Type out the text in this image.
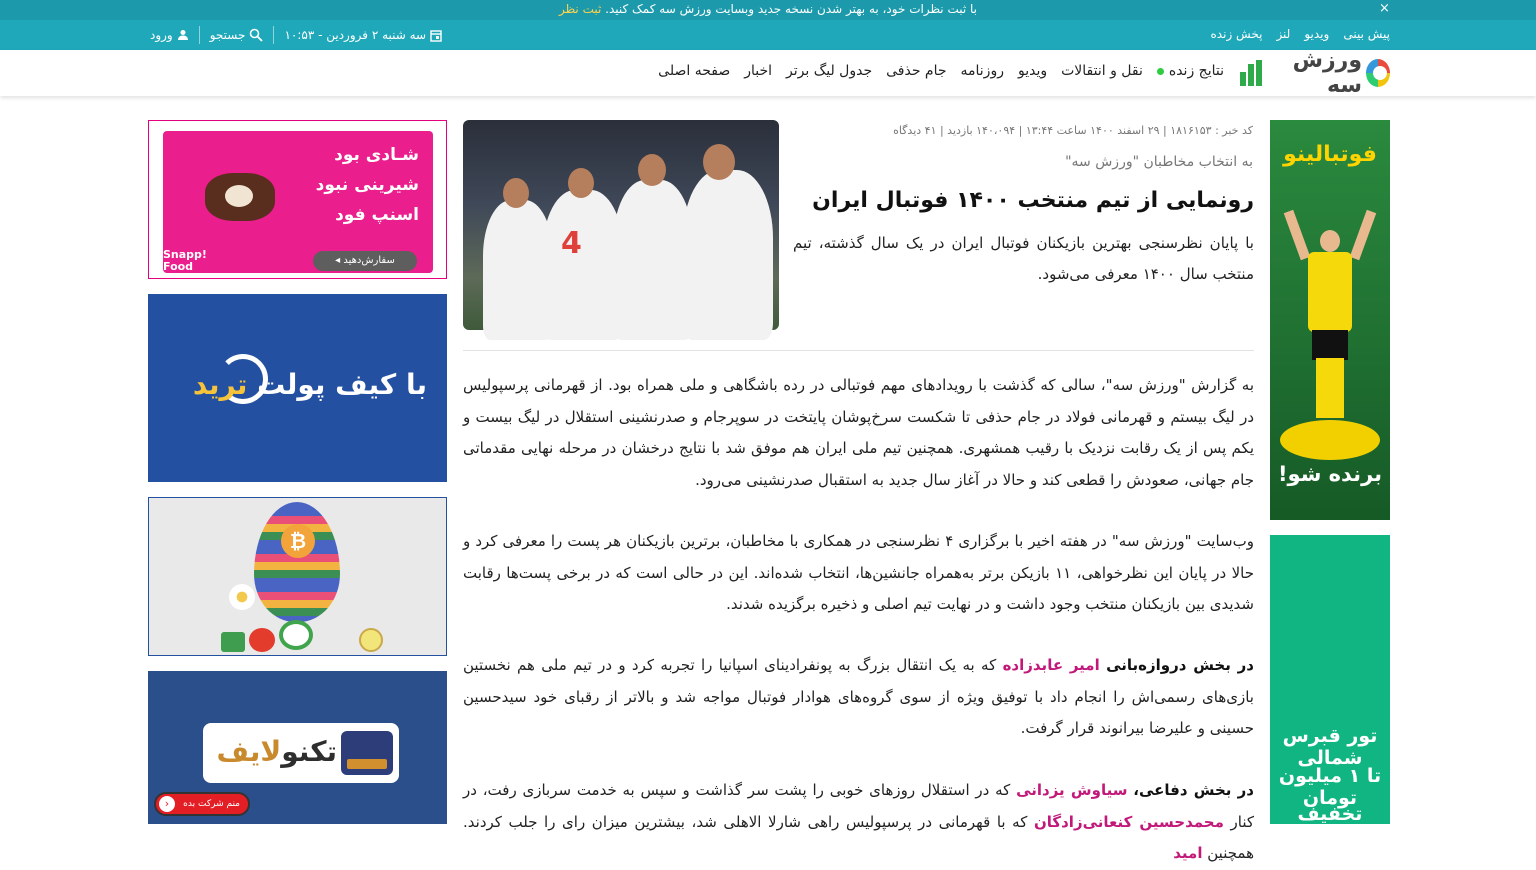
با ثبت نظرات خود، به بهتر شدن نسخه جدید وبسایت ورزش سه کمک کنید. ثبت نظر	×
پیش بینی
ویدیو
لنز
پخش زنده
ورود	جستجو	سه شنبه ۲ فروردین - ۱۰:۵۳
ورزش سه
صفحه اصلی اخبار جدول لیگ برتر جام حذفی روزنامه ویدیو نقل و انتقالات نتایج زنده
فوتبالینو
برنده شو!
تور قبرس شمالی
تا ۱ میلیون تومان
تخفیف
شـادی بود
شیرینی نبود
اسنپ فود
Snapp!
Food	سفارش‌دهید ◂
با کیف پولت ترید
₿
تکنولایف
منم شرکت بده
‹
کد خبر : ۱۸۱۶۱۵۳ | ۲۹ اسفند ۱۴۰۰ ساعت ۱۳:۴۴ | ۱۴۰،۰۹۴ بازدید | ۴۱ دیدگاه
به انتخاب مخاطبان "ورزش سه"
رونمایی از تیم منتخب ۱۴۰۰ فوتبال ایران
با پایان نظرسنجی بهترین بازیکنان فوتبال ایران در یک سال گذشته، تیم منتخب سال ۱۴۰۰ معرفی می‌شود.
4

به گزارش "ورزش سه"، سالی که گذشت با رویدادهای مهم فوتبالی در رده باشگاهی و ملی همراه بود. از قهرمانی پرسپولیس در لیگ بیستم و قهرمانی فولاد در جام حذفی تا شکست سرخ‌پوشان پایتخت در سوپرجام و صدرنشینی استقلال در لیگ بیست و یکم پس از یک رقابت نزدیک با رقیب همشهری. همچنین تیم ملی ایران هم موفق شد با نتایج درخشان در مرحله نهایی مقدماتی جام جهانی، صعودش را قطعی کند و حالا در آغاز سال جدید به استقبال صدرنشینی می‌رود.

وب‌سایت "ورزش سه" در هفته اخیر با برگزاری ۴ نظرسنجی در همکاری با مخاطبان، برترین بازیکنان هر پست را معرفی کرد و حالا در پایان این نظرخواهی، ۱۱ بازیکن برتر به‌همراه جانشین‌ها، انتخاب شده‌اند. این در حالی است که در برخی پست‌ها رقابت شدیدی بین بازیکنان منتخب وجود داشت و در نهایت تیم اصلی و ذخیره برگزیده شدند.

در بخش دروازه‌بانی امیر عابدزاده که به یک انتقال بزرگ به پونفرادینای اسپانیا را تجربه کرد و در تیم ملی هم نخستین بازی‌های رسمی‌اش را انجام داد با توفیق ویژه از سوی گروه‌های هوادار فوتبال مواجه شد و بالاتر از رقبای خود سیدحسین حسینی و علیرضا بیرانوند قرار گرفت.

در بخش دفاعی، سیاوش یزدانی که در استقلال روزهای خوبی را پشت سر گذاشت و سپس به خدمت سربازی رفت، در کنار محمدحسین کنعانی‌زادگان که با قهرمانی در پرسپولیس راهی شارلا الاهلی شد، بیشترین میزان رای را جلب کردند. همچنین امید
